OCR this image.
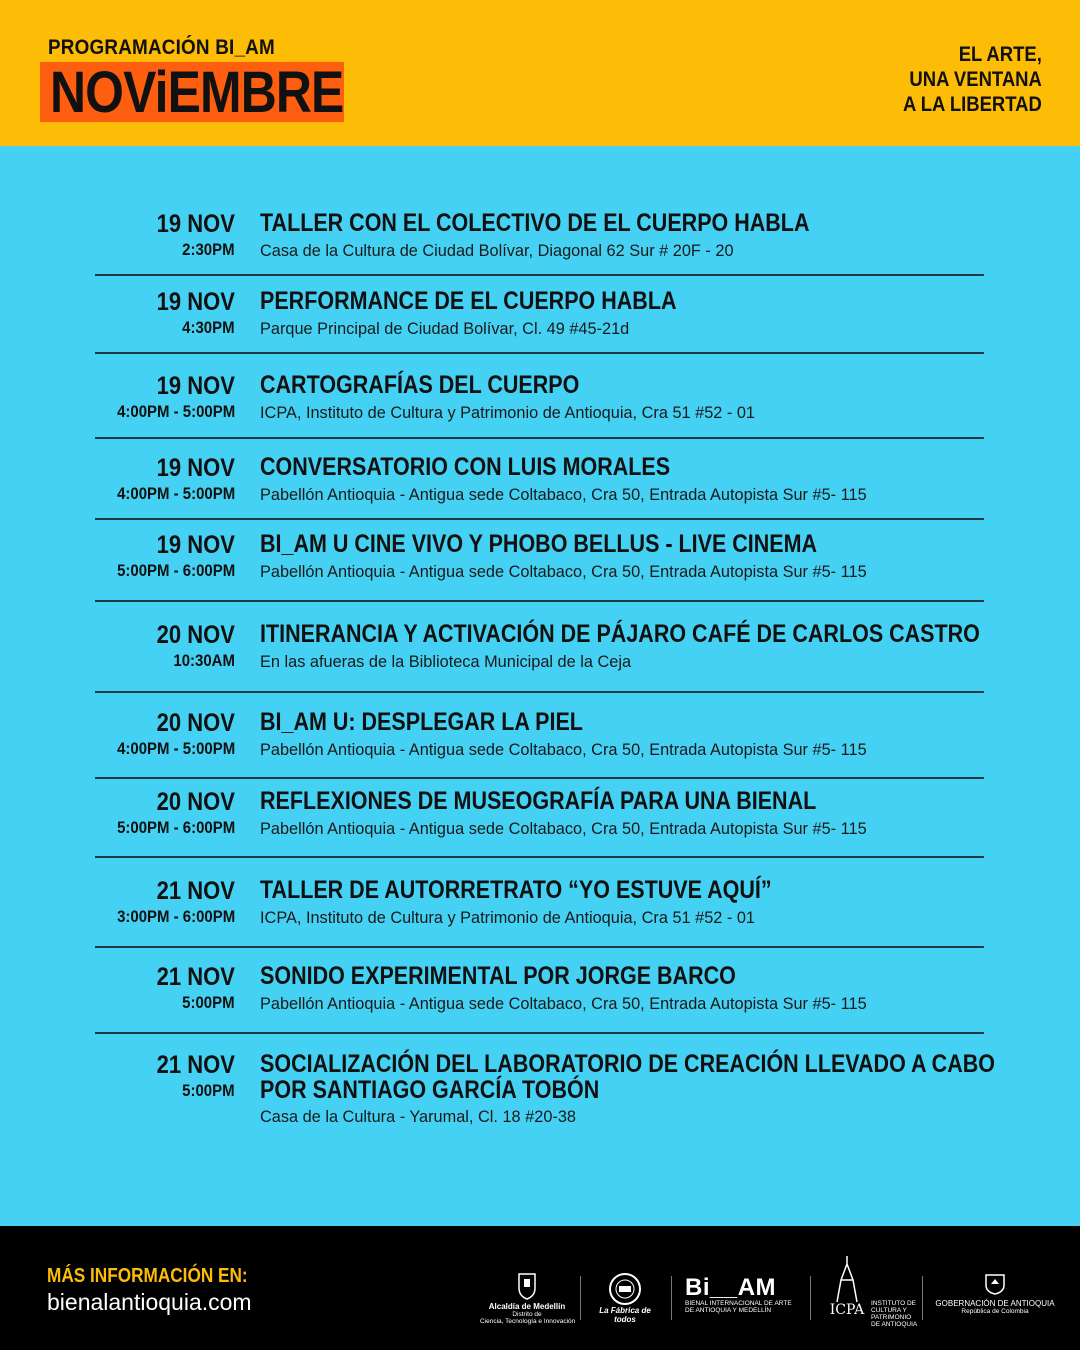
PROGRAMACIÓN BI_AM
NOViEMBRE
EL ARTE,
UNA VENTANA
A LA LIBERTAD
19 NOV
2:30PM
TALLER CON EL COLECTIVO DE EL CUERPO HABLA
Casa de la Cultura de Ciudad Bolívar, Diagonal 62 Sur # 20F - 20
19 NOV
4:30PM
PERFORMANCE DE EL CUERPO HABLA
Parque Principal de Ciudad Bolívar, Cl. 49 #45-21d
19 NOV
4:00PM - 5:00PM
CARTOGRAFÍAS DEL CUERPO
ICPA, Instituto de Cultura y Patrimonio de Antioquia, Cra 51 #52 - 01
19 NOV
4:00PM - 5:00PM
CONVERSATORIO CON LUIS MORALES
Pabellón Antioquia - Antigua sede Coltabaco, Cra 50, Entrada Autopista Sur #5- 115
19 NOV
5:00PM - 6:00PM
BI_AM U CINE VIVO Y PHOBO BELLUS - LIVE CINEMA
Pabellón Antioquia - Antigua sede Coltabaco, Cra 50, Entrada Autopista Sur #5- 115
20 NOV
10:30AM
ITINERANCIA Y ACTIVACIÓN DE PÁJARO CAFÉ DE CARLOS CASTRO
En las afueras de la Biblioteca Municipal de la Ceja
20 NOV
4:00PM - 5:00PM
BI_AM U: DESPLEGAR LA PIEL
Pabellón Antioquia - Antigua sede Coltabaco, Cra 50, Entrada Autopista Sur #5- 115
20 NOV
5:00PM - 6:00PM
REFLEXIONES DE MUSEOGRAFÍA PARA UNA BIENAL
Pabellón Antioquia - Antigua sede Coltabaco, Cra 50, Entrada Autopista Sur #5- 115
21 NOV
3:00PM - 6:00PM
TALLER DE AUTORRETRATO “YO ESTUVE AQUÍ”
ICPA, Instituto de Cultura y Patrimonio de Antioquia, Cra 51 #52 - 01
21 NOV
5:00PM
SONIDO EXPERIMENTAL POR JORGE BARCO
Pabellón Antioquia - Antigua sede Coltabaco, Cra 50, Entrada Autopista Sur #5- 115
21 NOV
5:00PM
SOCIALIZACIÓN DEL LABORATORIO DE CREACIÓN LLEVADO A CABO
POR SANTIAGO GARCÍA TOBÓN
Casa de la Cultura - Yarumal, Cl. 18 #20-38
MÁS INFORMACIÓN EN:
bienalantioquia.com	Alcaldía de Medellín
Distrito de
Ciencia, Tecnología e Innovación
La Fábrica de todos
Bi__AM
BIENAL INTERNACIONAL DE ARTE
DE ANTIOQUIA Y MEDELLÍN	ICPA INSTITUTO DE
CULTURA Y
PATRIMONIO
DE ANTIOQUIA
GOBERNACIÓN DE ANTIOQUIA
República de Colombia
